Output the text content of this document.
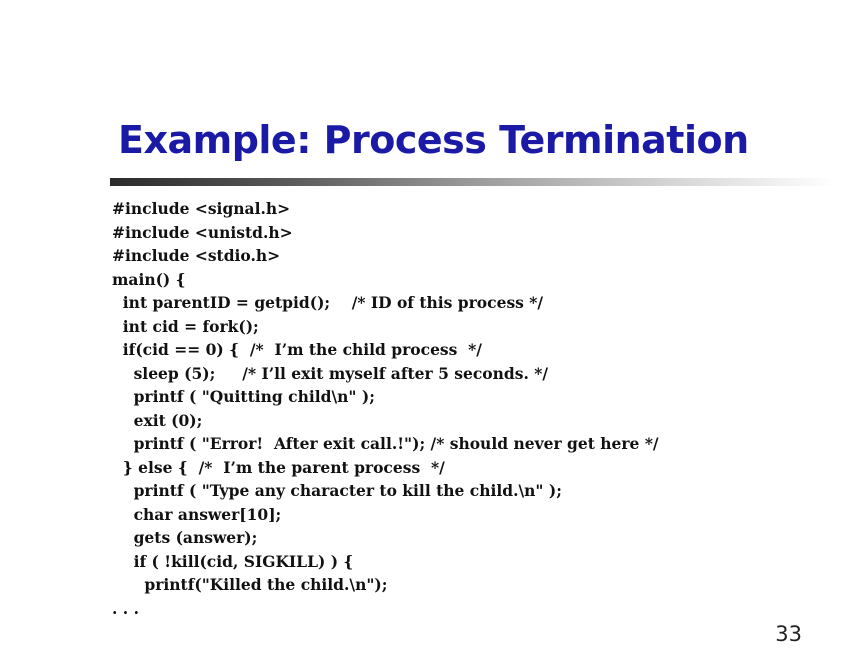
Example: Process Termination
#include <signal.h>
#include <unistd.h>
#include <stdio.h>
main() {
int parentID = getpid();    /* ID of this process */
int cid = fork();
if(cid == 0) {  /*  I’m the child process  */
sleep (5);     /* I’ll exit myself after 5 seconds. */
printf ( "Quitting child\n" );
exit (0);
printf ( "Error!  After exit call.!"); /* should never get here */
} else {  /*  I’m the parent process  */
printf ( "Type any character to kill the child.\n" );
char answer[10];
gets (answer);
if ( !kill(cid, SIGKILL) ) {
printf("Killed the child.\n");
. . .
33
